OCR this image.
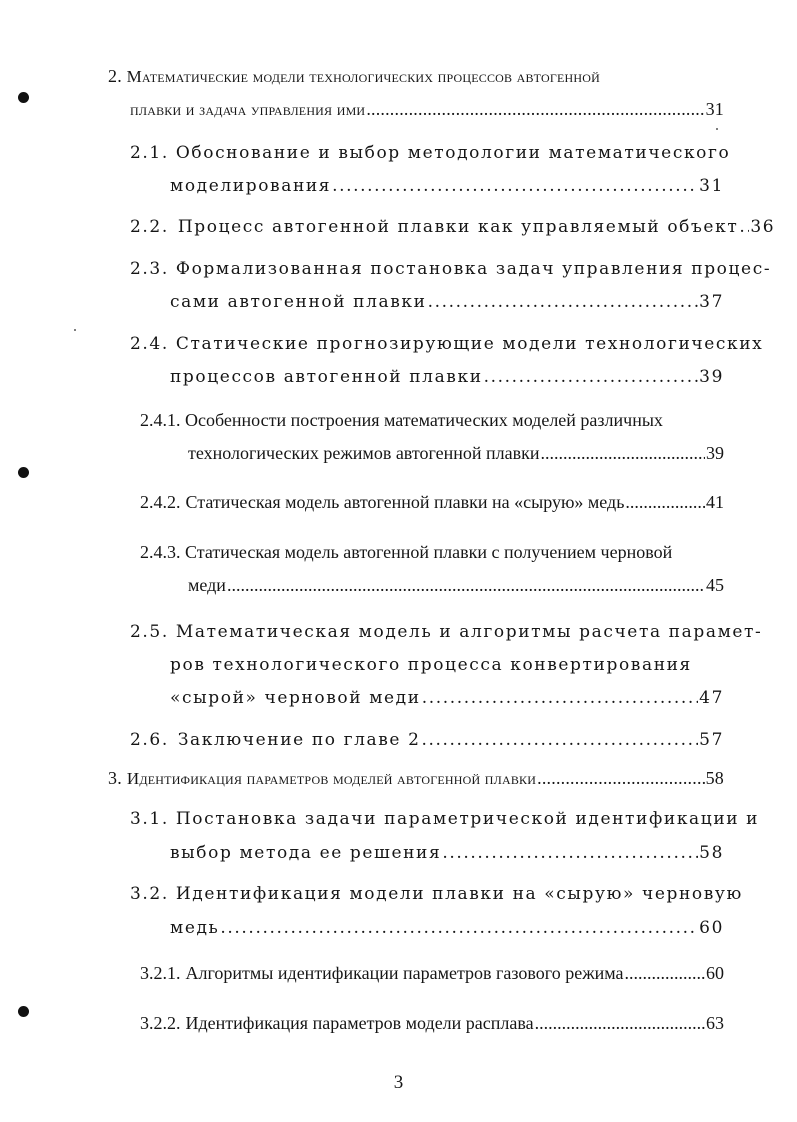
2. Математические модели технологических процессов автогенной
плавки и задача управления ими .....	31
2.1. Обоснование и выбор методологии математического
моделирования .....	31
2.2. Процесс автогенной плавки как управляемый объект ..... 36
2.3. Формализованная постановка задач управления процес-
сами автогенной плавки .....	37
2.4. Статические прогнозирующие модели технологических
процессов автогенной плавки .....	39
2.4.1. Особенности построения математических моделей различных
технологических режимов автогенной плавки .....	39
2.4.2. Статическая модель автогенной плавки на «сырую» медь .....	41
2.4.3. Статическая модель автогенной плавки с получением черновой
меди .....	45
2.5. Математическая модель и алгоритмы расчета парамет-
ров технологического процесса конвертирования
«сырой» черновой меди .....	47
2.6. Заключение по главе 2 .....	57
3. Идентификация параметров моделей автогенной плавки .....	58
3.1. Постановка задачи параметрической идентификации и
выбор метода ее решения .....	58
3.2. Идентификация модели плавки на «сырую» черновую
медь .....	60
3.2.1. Алгоритмы идентификации параметров газового режима .....	60
3.2.2. Идентификация параметров модели расплава .....	63
3
